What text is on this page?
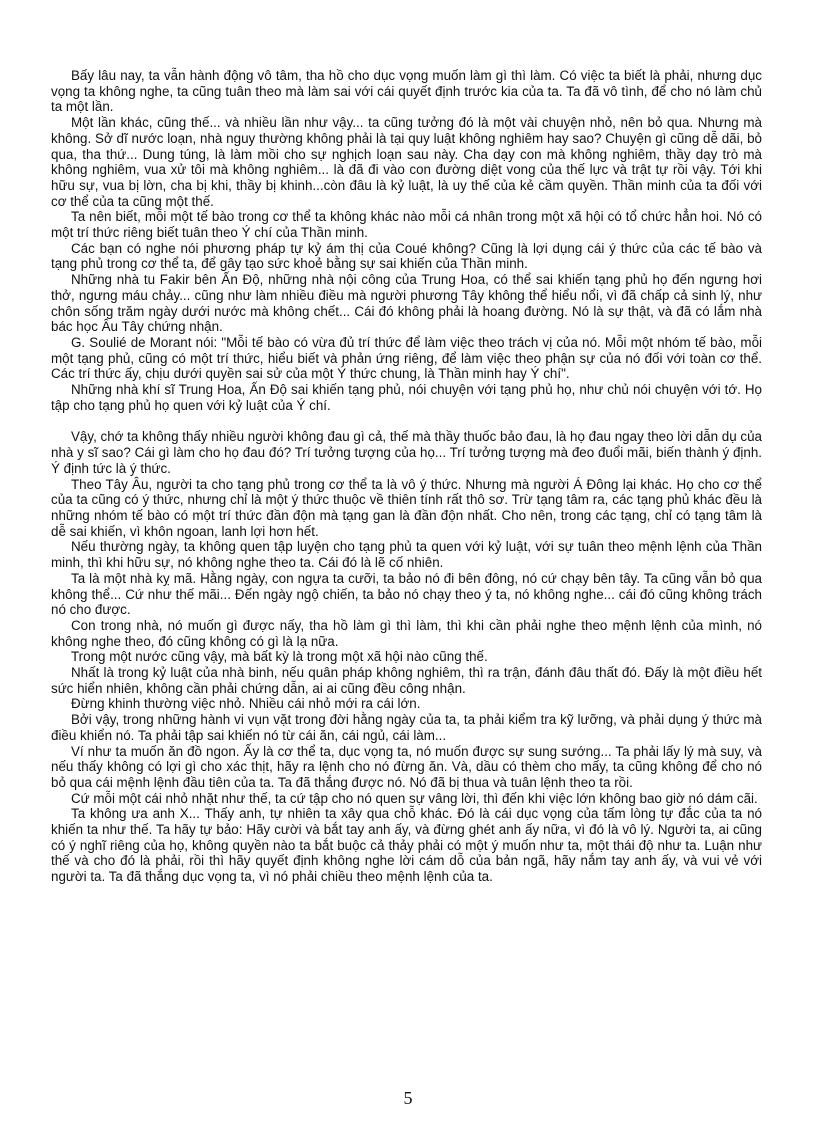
Bấy lâu nay, ta vẫn hành động vô tâm, tha hồ cho dục vọng muốn làm gì thì làm. Có việc ta biết là phải, nhưng dục vọng ta không nghe, ta cũng tuân theo mà làm sai với cái quyết định trước kia của ta. Ta đã vô tình, để cho nó làm chủ ta một lần.

Một lần khác, cũng thế... và nhiều lần như vậy... ta cũng tưởng đó là một vài chuyện nhỏ, nên bỏ qua. Nhưng mà không. Sở dĩ nước loạn, nhà nguy thường không phải là tại quy luật không nghiêm hay sao? Chuyện gì cũng dễ dãi, bỏ qua, tha thứ... Dung túng, là làm mồi cho sự nghịch loạn sau này. Cha dạy con mà không nghiêm, thầy dạy trò mà không nghiêm, vua xử tôi mà không nghiêm... là đã đi vào con đường diệt vong của thế lực và trật tự rồi vậy. Tới khi hữu sự, vua bị lờn, cha bị khi, thầy bị khinh...còn đâu là kỷ luật, là uy thế của kẻ cầm quyền. Thần minh của ta đối với cơ thể của ta cũng một thế.

Ta nên biết, mỗi một tế bào trong cơ thể ta không khác nào mỗi cá nhân trong một xã hội có tổ chức hẳn hoi. Nó có một trí thức riêng biết tuân theo Ý chí của Thần minh.

Các bạn có nghe nói phương pháp tự kỷ ám thị của Coué không? Cũng là lợi dụng cái ý thức của các tế bào và tạng phủ trong cơ thể ta, để gây tạo sức khoẻ bằng sự sai khiến của Thần minh.

Những nhà tu Fakir bên Ấn Độ, những nhà nội công của Trung Hoa, có thể sai khiến tạng phủ họ đến ngưng hơi thở, ngưng máu chảy... cũng như làm nhiều điều mà người phương Tây không thể hiểu nổi, vì đã chấp cả sinh lý, như chôn sống trăm ngày dưới nước mà không chết... Cái đó không phải là hoang đường. Nó là sự thật, và đã có lắm nhà bác học Âu Tây chứng nhận.

G. Soulié de Morant nói: "Mỗi tế bào có vừa đủ trí thức để làm việc theo trách vị của nó. Mỗi một nhóm tế bào, mỗi một tạng phủ, cũng có một trí thức, hiểu biết và phản ứng riêng, để làm việc theo phận sự của nó đối với toàn cơ thể. Các trí thức ấy, chịu dưới quyền sai sử của một Ý thức chung, là Thần minh hay Ý chí".

Những nhà khí sĩ Trung Hoa, Ấn Độ sai khiến tạng phủ, nói chuyện với tạng phủ họ, như chủ nói chuyện với tớ. Họ tập cho tạng phủ họ quen với kỷ luật của Ý chí.

Vậy, chớ ta không thấy nhiều người không đau gì cả, thế mà thầy thuốc bảo đau, là họ đau ngay theo lời dẫn dụ của nhà y sĩ sao? Cái gì làm cho họ đau đó? Trí tưởng tượng của họ... Trí tưởng tượng mà đeo đuổi mãi, biến thành ý định. Ý định tức là ý thức.

Theo Tây Âu, người ta cho tạng phủ trong cơ thể ta là vô ý thức. Nhưng mà người Á Đông lại khác. Họ cho cơ thể của ta cũng có ý thức, nhưng chỉ là một ý thức thuộc về thiên tính rất thô sơ. Trừ tạng tâm ra, các tạng phủ khác đều là những nhóm tế bào có một trí thức đần độn mà tạng gan là đần độn nhất. Cho nên, trong các tạng, chỉ có tạng tâm là dễ sai khiến, vì khôn ngoan, lanh lợi hơn hết.

Nếu thường ngày, ta không quen tập luyện cho tạng phủ ta quen với kỷ luật, với sự tuân theo mệnh lệnh của Thần minh, thì khi hữu sự, nó không nghe theo ta. Cái đó là lẽ cố nhiên.

Ta là một nhà kỵ mã. Hằng ngày, con ngựa ta cưỡi, ta bảo nó đi bên đông, nó cứ chạy bên tây. Ta cũng vẫn bỏ qua không thể... Cứ như thế mãi... Đến ngày ngộ chiến, ta bảo nó chạy theo ý ta, nó không nghe... cái đó cũng không trách nó cho được.

Con trong nhà, nó muốn gì được nấy, tha hồ làm gì thì làm, thì khi cần phải nghe theo mệnh lệnh của mình, nó không nghe theo, đó cũng không có gì là lạ nữa.

Trong một nước cũng vậy, mà bất kỳ là trong một xã hội nào cũng thế.

Nhất là trong kỷ luật của nhà binh, nếu quân pháp không nghiêm, thì ra trận, đánh đâu thất đó. Đấy là một điều hết sức hiển nhiên, không cần phải chứng dẫn, ai ai cũng đều công nhận.

Đừng khinh thường việc nhỏ. Nhiều cái nhỏ mới ra cái lớn.

Bởi vậy, trong những hành vi vụn vặt trong đời hằng ngày của ta, ta phải kiểm tra kỹ lưỡng, và phải dụng ý thức mà điều khiển nó. Ta phải tập sai khiến nó từ cái ăn, cái ngủ, cái làm...

Ví như ta muốn ăn đồ ngon. Ấy là cơ thể ta, dục vọng ta, nó muốn được sự sung sướng... Ta phải lấy lý mà suy, và nếu thấy không có lợi gì cho xác thịt, hãy ra lệnh cho nó đừng ăn. Và, dầu có thèm cho mấy, ta cũng không để cho nó bỏ qua cái mệnh lệnh đầu tiên của ta. Ta đã thắng được nó. Nó đã bị thua và tuân lệnh theo ta rồi.

Cứ mỗi một cái nhỏ nhặt như thế, ta cứ tập cho nó quen sự vâng lời, thì đến khi việc lớn không bao giờ nó dám cãi.

Ta không ưa anh X... Thấy anh, tự nhiên ta xây qua chỗ khác. Đó là cái dục vọng của tấm lòng tự đắc của ta nó khiến ta như thế. Ta hãy tự bảo: Hãy cười và bắt tay anh ấy, và đừng ghét anh ấy nữa, vì đó là vô lý. Người ta, ai cũng có ý nghĩ riêng của họ, không quyền nào ta bắt buộc cả thảy phải có một ý muốn như ta, một thái độ như ta. Luận như thế và cho đó là phải, rồi thì hãy quyết định không nghe lời cám dỗ của bản ngã, hãy nắm tay anh ấy, và vui vẻ với người ta. Ta đã thắng dục vọng ta, vì nó phải chiều theo mệnh lệnh của ta.

5
